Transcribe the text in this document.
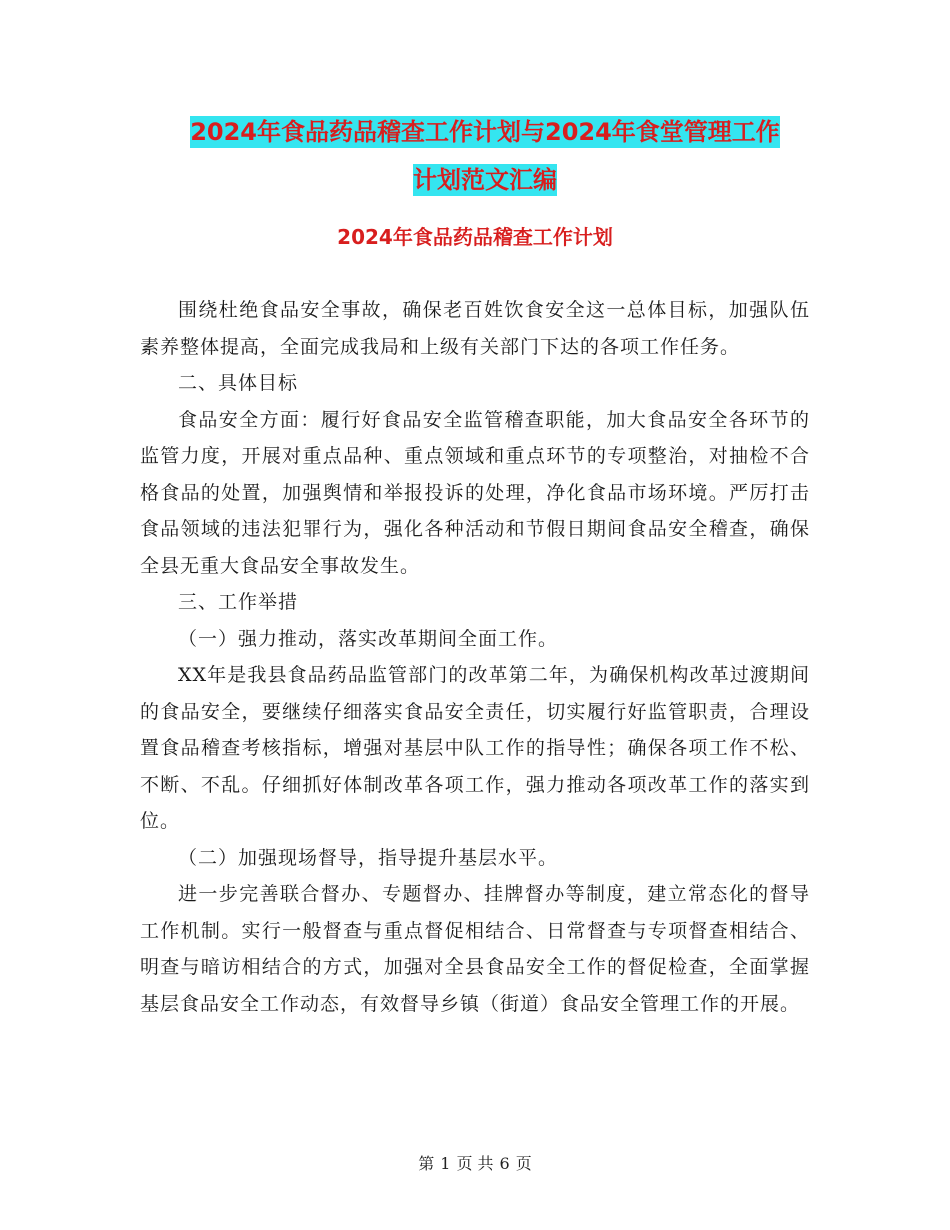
2024年食品药品稽查工作计划与2024年食堂管理工作
计划范文汇编
2024年食品药品稽查工作计划

围绕杜绝食品安全事故，确保老百姓饮食安全这一总体目标，加强队伍素养整体提高，全面完成我局和上级有关部门下达的各项工作任务。

二、具体目标

食品安全方面：履行好食品安全监管稽查职能，加大食品安全各环节的监管力度，开展对重点品种、重点领域和重点环节的专项整治，对抽检不合格食品的处置，加强舆情和举报投诉的处理，净化食品市场环境。严厉打击食品领域的违法犯罪行为，强化各种活动和节假日期间食品安全稽查，确保全县无重大食品安全事故发生。

三、工作举措

（一）强力推动，落实改革期间全面工作。

XX年是我县食品药品监管部门的改革第二年，为确保机构改革过渡期间的食品安全，要继续仔细落实食品安全责任，切实履行好监管职责，合理设置食品稽查考核指标，增强对基层中队工作的指导性；确保各项工作不松、不断、不乱。仔细抓好体制改革各项工作，强力推动各项改革工作的落实到位。

（二）加强现场督导，指导提升基层水平。

进一步完善联合督办、专题督办、挂牌督办等制度，建立常态化的督导工作机制。实行一般督查与重点督促相结合、日常督查与专项督查相结合、明查与暗访相结合的方式，加强对全县食品安全工作的督促检查，全面掌握基层食品安全工作动态，有效督导乡镇（街道）食品安全管理工作的开展。

第 1 页 共 6 页
